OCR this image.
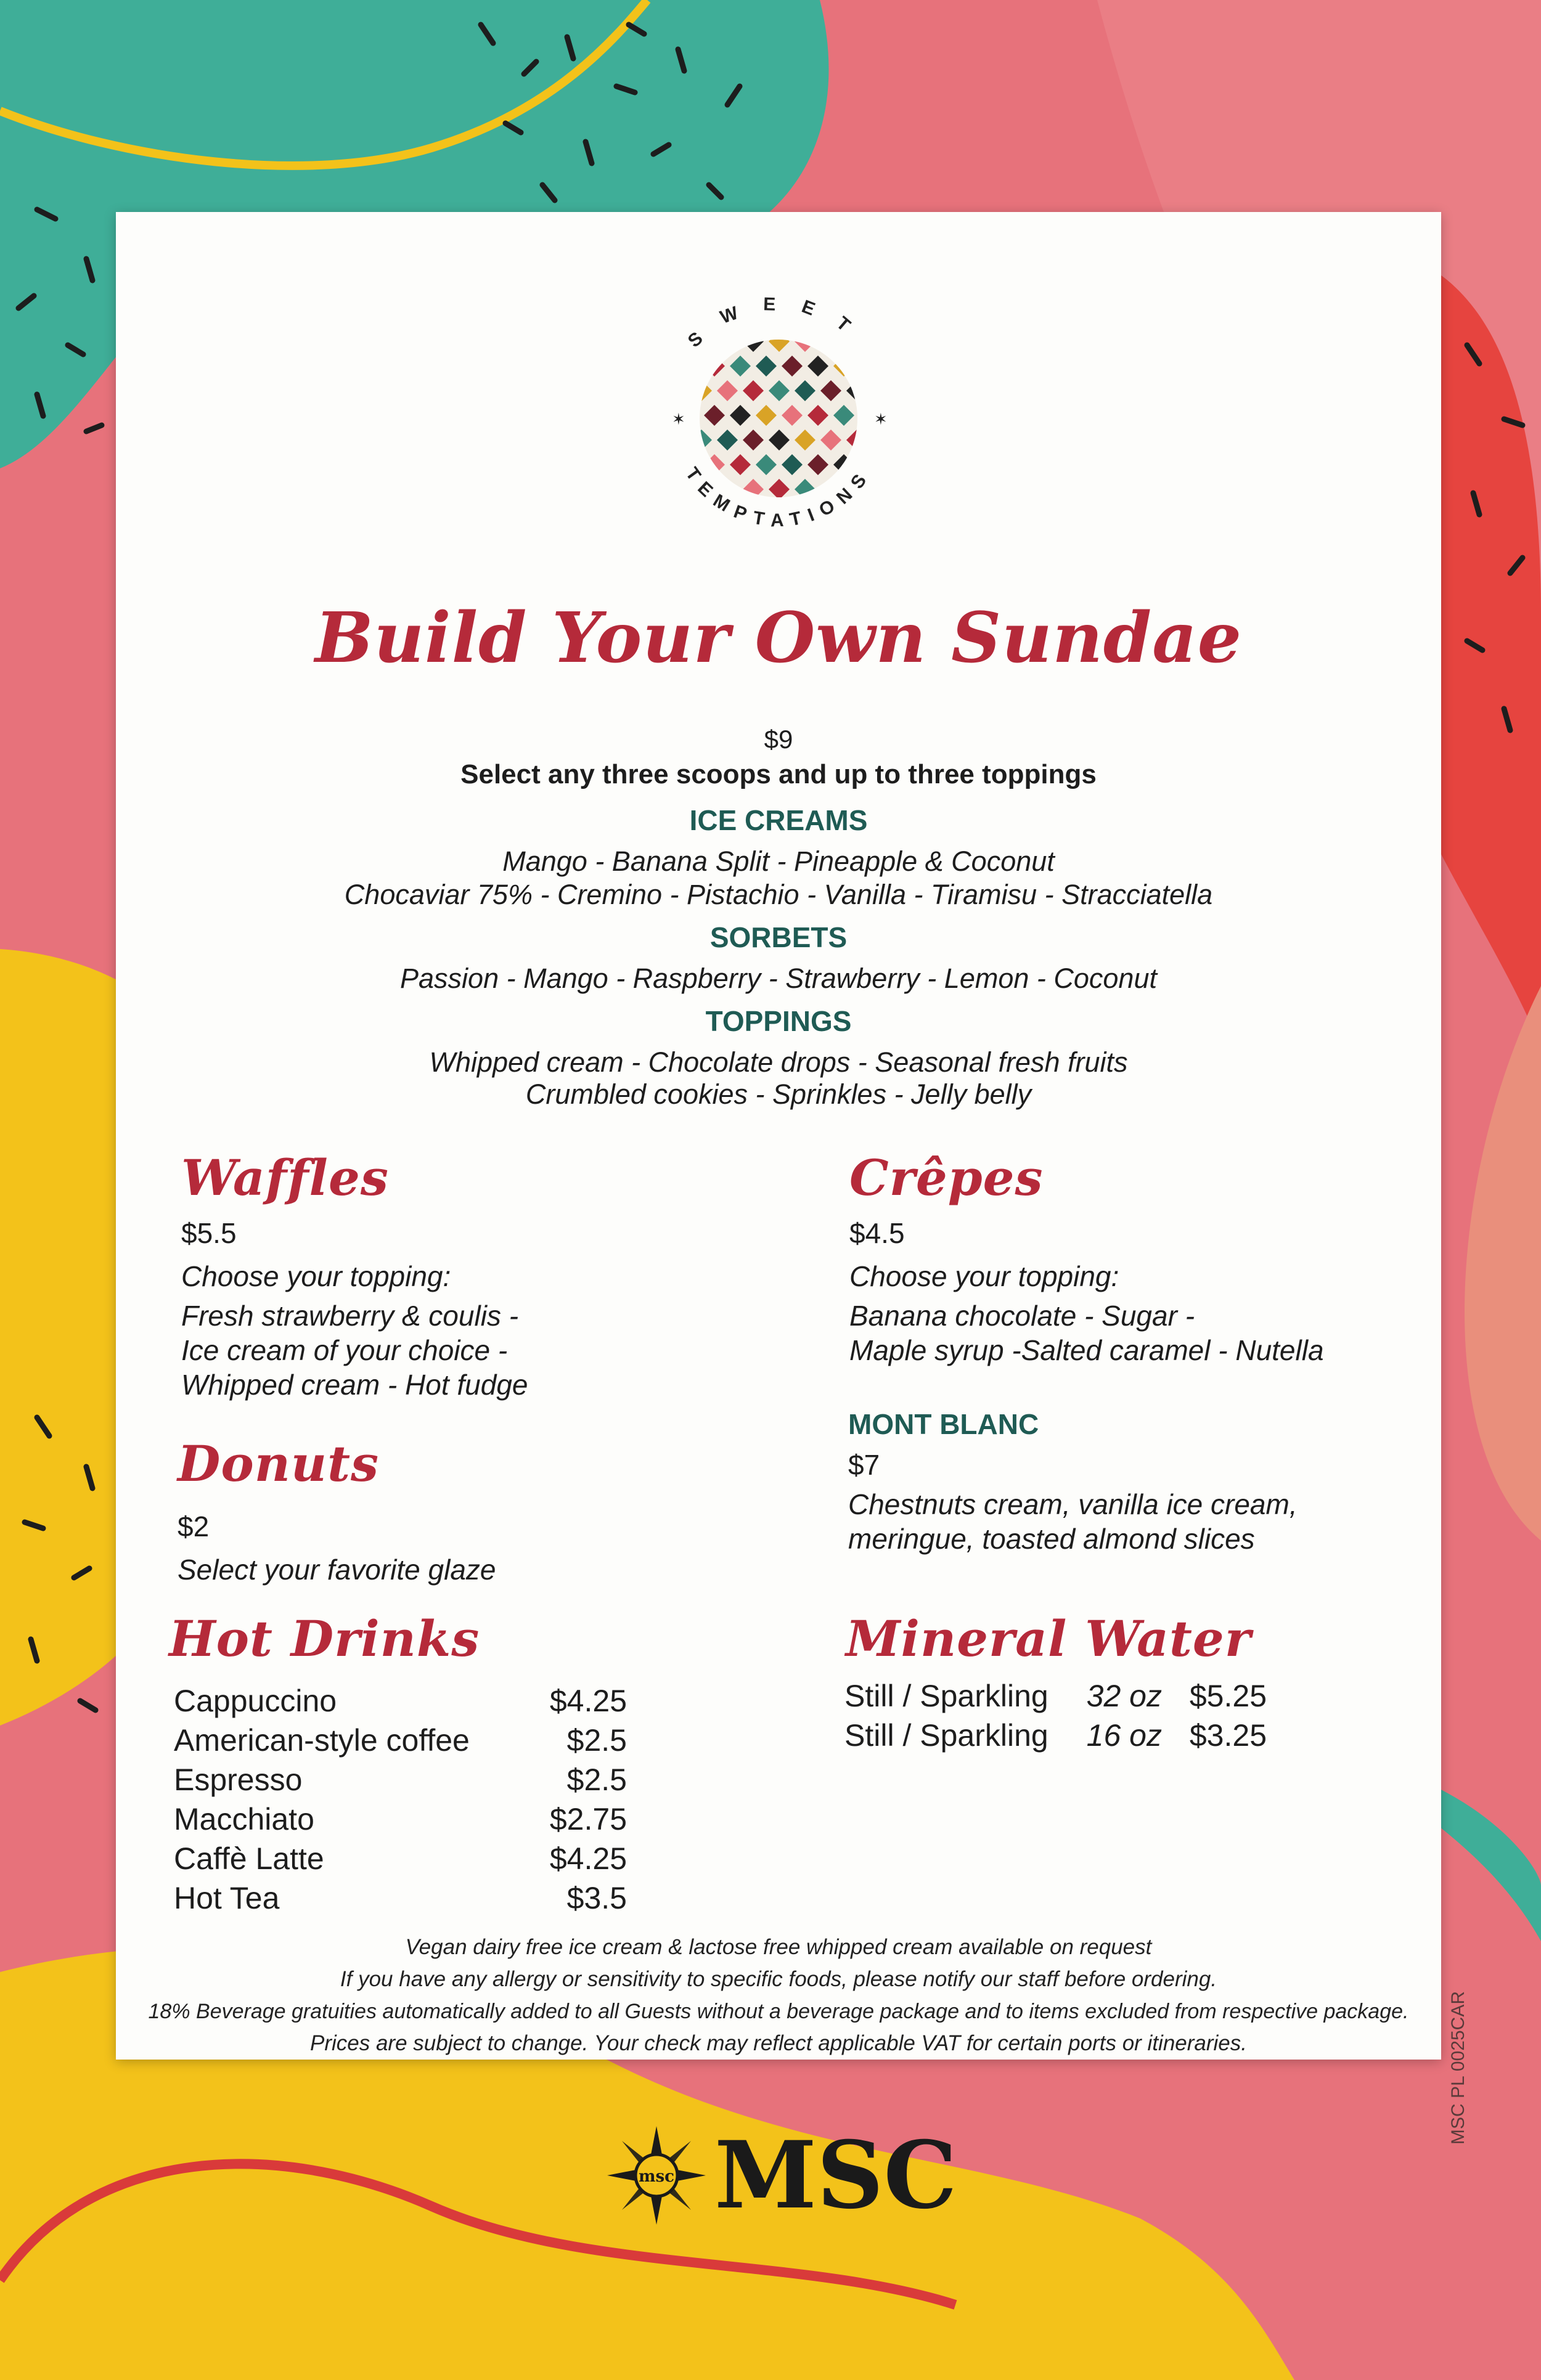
MSC PL 0025CAR
SWEET
TEMPTATIONS
✶	✶
Build Your Own Sundae
$9
Select any three scoops and up to three toppings
ICE CREAMS
Mango - Banana Split - Pineapple & Coconut
Chocaviar 75% - Cremino - Pistachio - Vanilla - Tiramisu - Stracciatella
SORBETS
Passion - Mango - Raspberry - Strawberry - Lemon - Coconut
TOPPINGS
Whipped cream - Chocolate drops - Seasonal fresh fruits
Crumbled cookies - Sprinkles - Jelly belly
Waffles
$5.5
Choose your topping:
Fresh strawberry & coulis -
Ice cream of your choice -
Whipped cream - Hot fudge
Crêpes
$4.5
Choose your topping:
Banana chocolate - Sugar -
Maple syrup -Salted caramel - Nutella
Donuts
$2
Select your favorite glaze
MONT BLANC
$7
Chestnuts cream, vanilla ice cream,
meringue, toasted almond slices
Hot Drinks
Cappuccino	$4.25
American-style coffee	$2.5
Espresso	$2.5
Macchiato	$2.75
Caffè Latte	$4.25
Hot Tea	$3.5
Mineral Water
Still / Sparkling	32 oz $5.25
Still / Sparkling	16 oz $3.25
Vegan dairy free ice cream & lactose free whipped cream available on request
If you have any allergy or sensitivity to specific foods, please notify our staff before ordering.
18% Beverage gratuities automatically added to all Guests without a beverage package and to items excluded from respective package.
Prices are subject to change. Your check may reflect applicable VAT for certain ports or itineraries.
msc MSC
